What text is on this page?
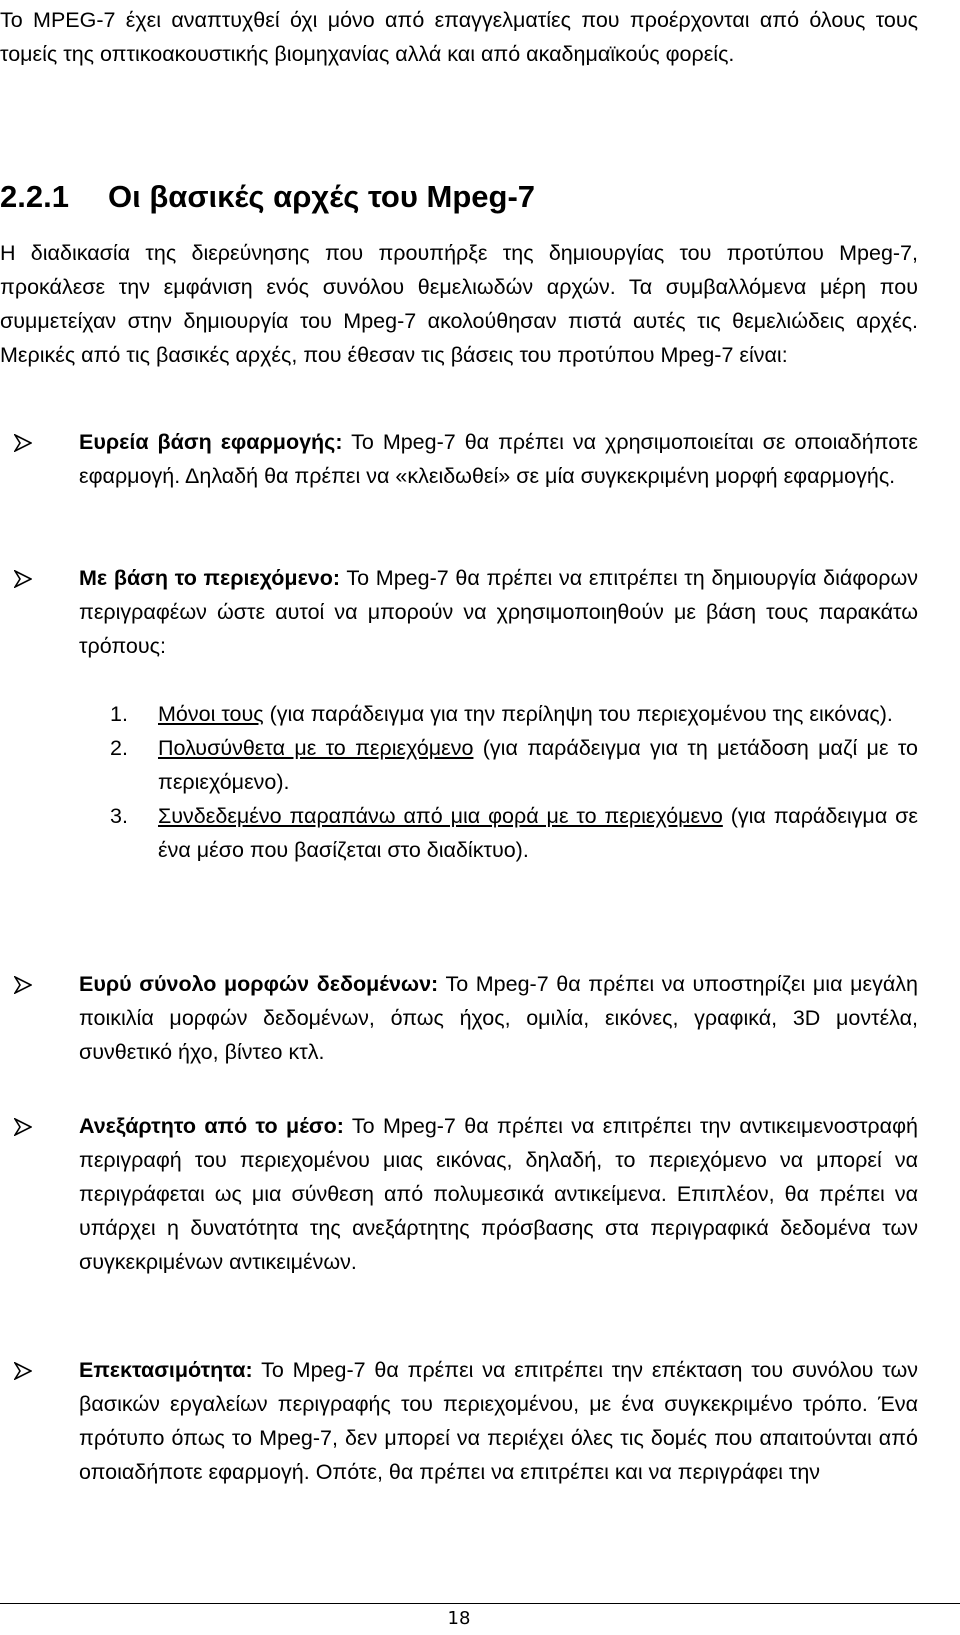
Το MPEG-7 έχει αναπτυχθεί όχι μόνο από επαγγελματίες που προέρχονται από όλους τους τομείς της οπτικοακουστικής βιομηχανίας αλλά και από ακαδημαϊκούς φορείς.

2.2.1 Οι βασικές αρχές του Mpeg-7

Η διαδικασία της διερεύνησης που προυπήρξε της δημιουργίας του προτύπου Mpeg-7, προκάλεσε την εμφάνιση ενός συνόλου θεμελιωδών αρχών. Τα συμβαλλόμενα μέρη που συμμετείχαν στην δημιουργία του Mpeg-7 ακολούθησαν πιστά αυτές τις θεμελιώδεις αρχές. Μερικές από τις βασικές αρχές, που έθεσαν τις βάσεις του προτύπου Mpeg-7 είναι:

Ευρεία βάση εφαρμογής: Το Mpeg-7 θα πρέπει να χρησιμοποιείται σε οποιαδήποτε εφαρμογή. Δηλαδή θα πρέπει να «κλειδωθεί» σε μία συγκεκριμένη μορφή εφαρμογής.

Με βάση το περιεχόμενο: Το Mpeg-7 θα πρέπει να επιτρέπει τη δημιουργία διάφορων περιγραφέων ώστε αυτοί να μπορούν να χρησιμοποιηθούν με βάση τους παρακάτω τρόπους:

1. Μόνοι τους (για παράδειγμα για την περίληψη του περιεχομένου της εικόνας).

2. Πολυσύνθετα με το περιεχόμενο (για παράδειγμα για τη μετάδοση μαζί με το περιεχόμενο).

3. Συνδεδεμένο παραπάνω από μια φορά με το περιεχόμενο (για παράδειγμα σε ένα μέσο που βασίζεται στο διαδίκτυο).

Ευρύ σύνολο μορφών δεδομένων: Το Mpeg-7 θα πρέπει να υποστηρίζει μια μεγάλη ποικιλία μορφών δεδομένων, όπως ήχος, ομιλία, εικόνες, γραφικά, 3D μοντέλα, συνθετικό ήχο, βίντεο κτλ.

Ανεξάρτητο από το μέσο: Το Mpeg-7 θα πρέπει να επιτρέπει την αντικειμενοστραφή περιγραφή του περιεχομένου μιας εικόνας, δηλαδή, το περιεχόμενο να μπορεί να περιγράφεται ως μια σύνθεση από πολυμεσικά αντικείμενα. Επιπλέον, θα πρέπει να υπάρχει η δυνατότητα της ανεξάρτητης πρόσβασης στα περιγραφικά δεδομένα των συγκεκριμένων αντικειμένων.

Επεκτασιμότητα: Το Mpeg-7 θα πρέπει να επιτρέπει την επέκταση του συνόλου των βασικών εργαλείων περιγραφής του περιεχομένου, με ένα συγκεκριμένο τρόπο. Ένα πρότυπο όπως το Mpeg-7, δεν μπορεί να περιέχει όλες τις δομές που απαιτούνται από οποιαδήποτε εφαρμογή. Οπότε, θα πρέπει να επιτρέπει και να περιγράφει την

18
